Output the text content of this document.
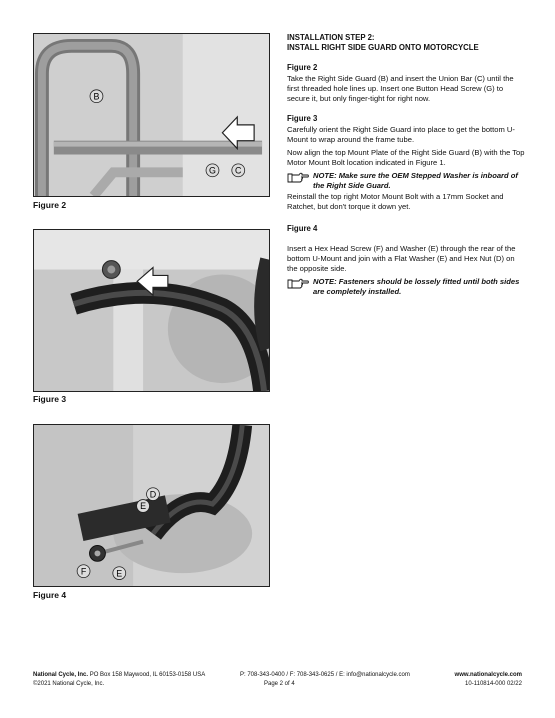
B
G C
Figure 2
Figure 3
D
E
F	E
Figure 4
INSTALLATION STEP 2:
INSTALL RIGHT SIDE GUARD ONTO MOTORCYCLE
Figure 2
Take the Right Side Guard (B) and insert the Union Bar (C) until the first threaded hole lines up. Insert one Button Head Screw (G) to secure it, but only finger-tight for right now.
Figure 3
Carefully orient the Right Side Guard into place to get the bottom U-Mount to wrap around the frame tube.
Now align the top Mount Plate of the Right Side Guard (B) with the Top Motor Mount Bolt location indicated in Figure 1.
NOTE: Make sure the OEM Stepped Washer is inboard of the Right Side Guard.
Reinstall the top right Motor Mount Bolt with a 17mm Socket and Ratchet, but don't torque it down yet.
Figure 4
Insert a Hex Head Screw (F) and Washer (E) through the rear of the bottom U-Mount and join with a Flat Washer (E) and Hex Nut (D) on the opposite side.
NOTE: Fasteners should be lossely fitted until both sides are completely installed.
National Cycle, Inc. PO Box 158 Maywood, IL 60153-0158 USA
©2021 National Cycle, Inc.
P: 708-343-0400 / F: 708-343-0625 / E: info@nationalcycle.com
Page 2 of 4
www.nationalcycle.com
10-110814-000 02/22
